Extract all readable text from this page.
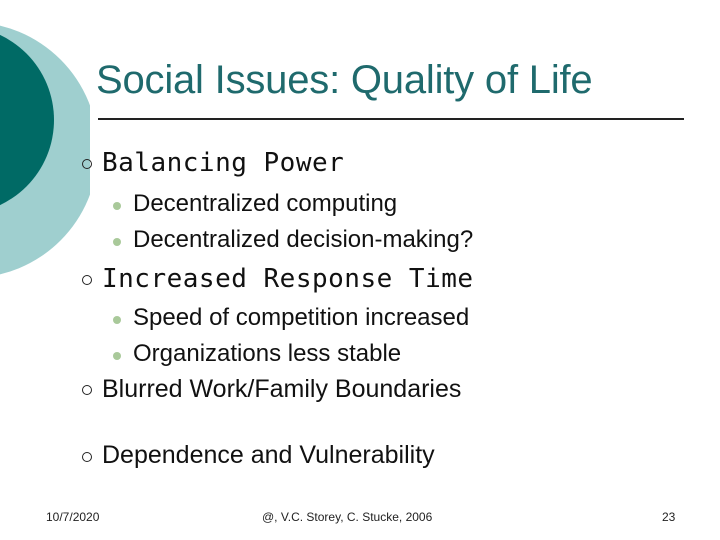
Social Issues: Quality of Life
Balancing Power
Decentralized computing
Decentralized decision-making?
Increased Response Time
Speed of competition increased
Organizations less stable
Blurred Work/Family Boundaries
Dependence and Vulnerability
10/7/2020	@, V.C. Storey, C. Stucke, 2006	23
